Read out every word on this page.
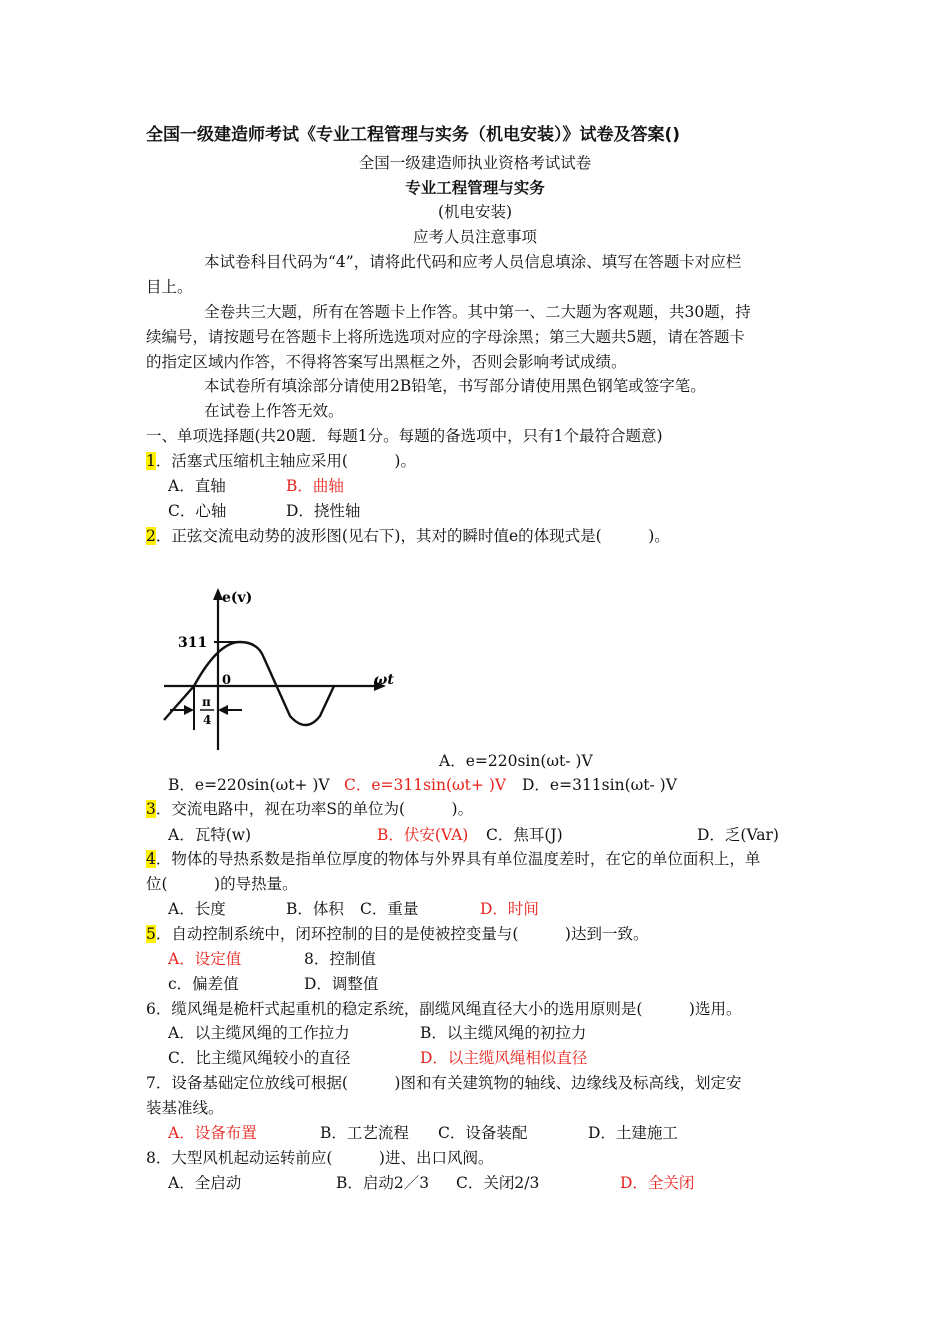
全国一级建造师考试《专业工程管理与实务（机电安装）》试卷及答案()
全国一级建造师执业资格考试试卷
专业工程管理与实务
(机电安装)
应考人员注意事项
本试卷科目代码为“4”，请将此代码和应考人员信息填涂、填写在答题卡对应栏
目上。
全卷共三大题，所有在答题卡上作答。其中第一、二大题为客观题，共30题，持
续编号，请按题号在答题卡上将所选选项对应的字母涂黑；第三大题共5题，请在答题卡
的指定区域内作答，不得将答案写出黑框之外，否则会影响考试成绩。
本试卷所有填涂部分请使用2B铅笔，书写部分请使用黑色钢笔或签字笔。
在试卷上作答无效。
一、单项选择题(共20题．每题1分。每题的备选项中，只有1个最符合题意)
1．活塞式压缩机主轴应采用(　　　)。
A．直轴	B．曲轴
C．心轴	D．挠性轴
2．正弦交流电动势的波形图(见右下)，其对的瞬时值e的体现式是(　　　)。
e(v)
ωt
311
0
π
4
A．e=220sin(ωt- )V
B．e=220sin(ωt+ )V C．e=311sin(ωt+ )V D．e=311sin(ωt- )V
3．交流电路中，视在功率S的单位为(　　　)。
A．瓦特(w)	B．伏安(VA) C．焦耳(J)	D．乏(Var)
4．物体的导热系数是指单位厚度的物体与外界具有单位温度差时，在它的单位面积上，单
位(　　　)的导热量。
A．长度	B．体积 C．重量	D．时间
5．自动控制系统中，闭环控制的目的是使被控变量与(　　　)达到一致。
A．设定值	8．控制值
c．偏差值	D．调整值
6．缆风绳是桅杆式起重机的稳定系统，副缆风绳直径大小的选用原则是(　　　)选用。
A．以主缆风绳的工作拉力	B．以主缆风绳的初拉力
C．比主缆风绳较小的直径	D．以主缆风绳相似直径
7．设备基础定位放线可根据(　　　)图和有关建筑物的轴线、边缘线及标高线，划定安
装基准线。
A．设备布置	B．工艺流程 C．设备装配	D．土建施工
8．大型风机起动运转前应(　　　)进、出口风阀。
A．全启动	B．启动2／3 C．关闭2/3	D．全关闭
